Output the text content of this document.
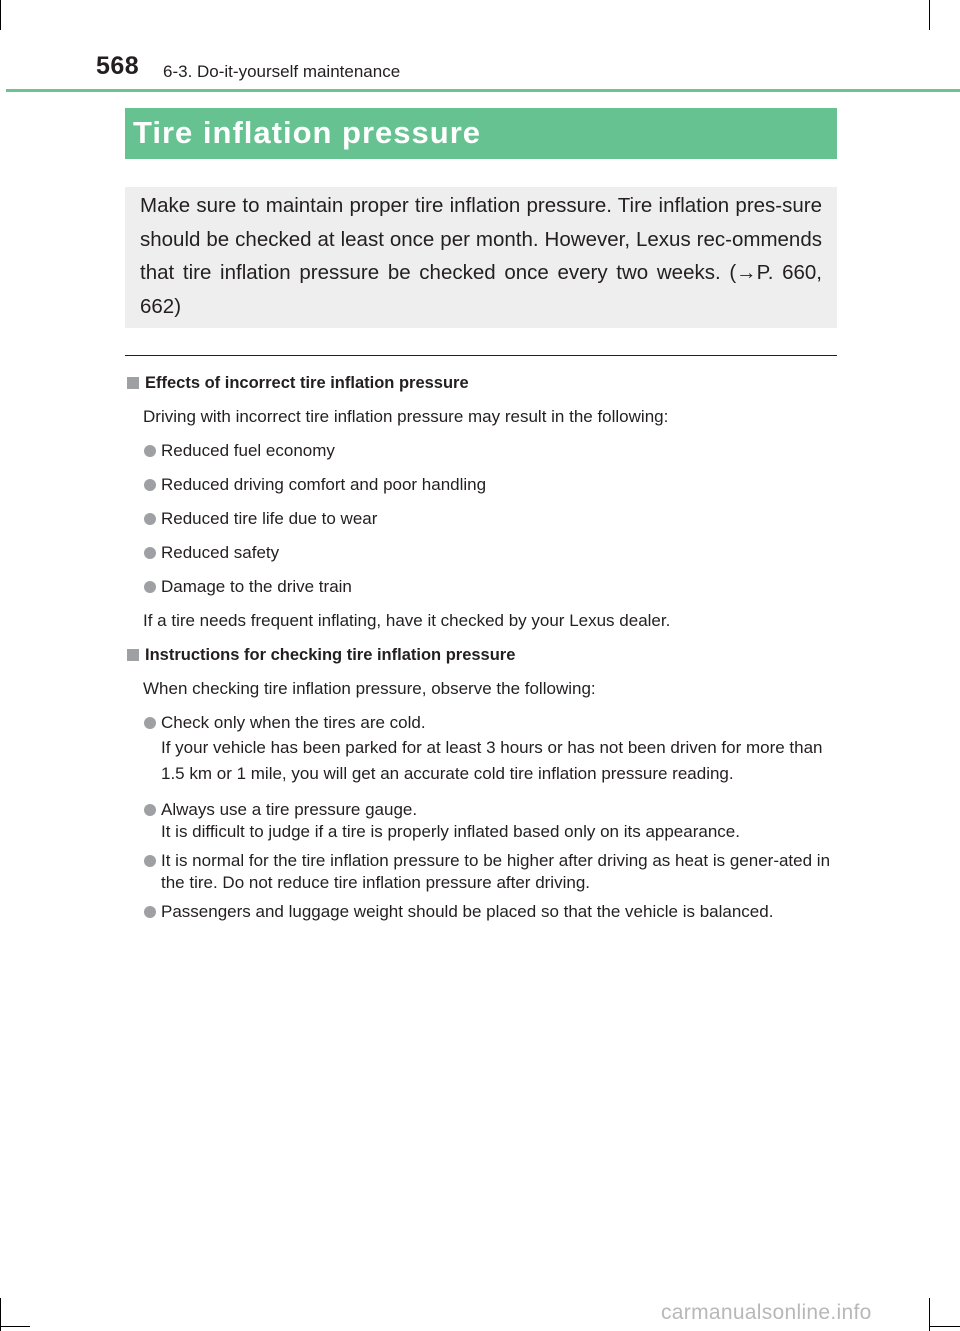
568 6-3. Do-it-yourself maintenance
Tire inflation pressure

Make sure to maintain proper tire inflation pressure. Tire inflation pres-sure should be checked at least once per month. However, Lexus rec-ommends that tire inflation pressure be checked once every two weeks. (→P. 660, 662)

Effects of incorrect tire inflation pressure
Driving with incorrect tire inflation pressure may result in the following:
Reduced fuel economy
Reduced driving comfort and poor handling
Reduced tire life due to wear
Reduced safety
Damage to the drive train
If a tire needs frequent inflating, have it checked by your Lexus dealer.
Instructions for checking tire inflation pressure
When checking tire inflation pressure, observe the following:
Check only when the tires are cold.
If your vehicle has been parked for at least 3 hours or has not been driven for more than 1.5 km or 1 mile, you will get an accurate cold tire inflation pressure reading.
Always use a tire pressure gauge.
It is difficult to judge if a tire is properly inflated based only on its appearance.
It is normal for the tire inflation pressure to be higher after driving as heat is gener-ated in the tire. Do not reduce tire inflation pressure after driving.
Passengers and luggage weight should be placed so that the vehicle is balanced.
carmanualsonline.info
